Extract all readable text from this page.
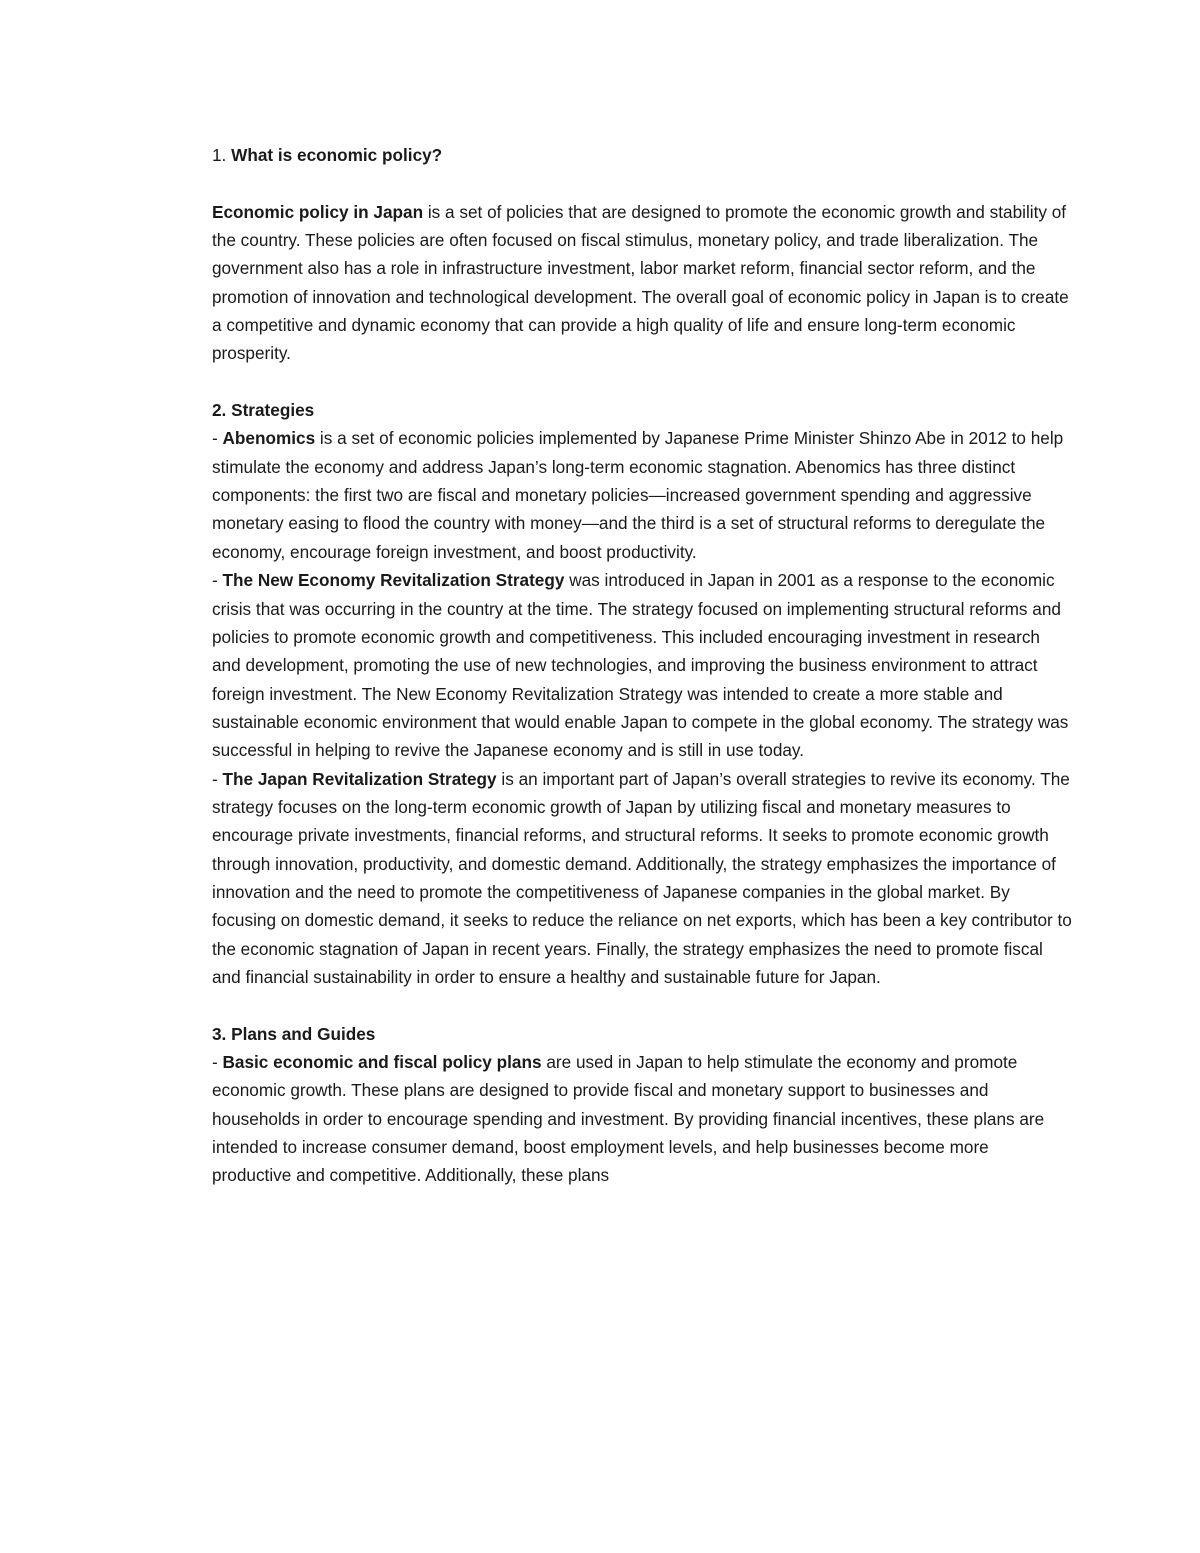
1. What is economic policy?

Economic policy in Japan is a set of policies that are designed to promote the economic growth and stability of the country. These policies are often focused on fiscal stimulus, monetary policy, and trade liberalization. The government also has a role in infrastructure investment, labor market reform, financial sector reform, and the promotion of innovation and technological development. The overall goal of economic policy in Japan is to create a competitive and dynamic economy that can provide a high quality of life and ensure long-term economic prosperity.

2. Strategies

- Abenomics is a set of economic policies implemented by Japanese Prime Minister Shinzo Abe in 2012 to help stimulate the economy and address Japan’s long-term economic stagnation. Abenomics has three distinct components: the first two are fiscal and monetary policies—increased government spending and aggressive monetary easing to flood the country with money—and the third is a set of structural reforms to deregulate the economy, encourage foreign investment, and boost productivity.

- The New Economy Revitalization Strategy was introduced in Japan in 2001 as a response to the economic crisis that was occurring in the country at the time. The strategy focused on implementing structural reforms and policies to promote economic growth and competitiveness. This included encouraging investment in research and development, promoting the use of new technologies, and improving the business environment to attract foreign investment. The New Economy Revitalization Strategy was intended to create a more stable and sustainable economic environment that would enable Japan to compete in the global economy. The strategy was successful in helping to revive the Japanese economy and is still in use today.

- The Japan Revitalization Strategy is an important part of Japan’s overall strategies to revive its economy. The strategy focuses on the long-term economic growth of Japan by utilizing fiscal and monetary measures to encourage private investments, financial reforms, and structural reforms. It seeks to promote economic growth through innovation, productivity, and domestic demand. Additionally, the strategy emphasizes the importance of innovation and the need to promote the competitiveness of Japanese companies in the global market. By focusing on domestic demand, it seeks to reduce the reliance on net exports, which has been a key contributor to the economic stagnation of Japan in recent years. Finally, the strategy emphasizes the need to promote fiscal and financial sustainability in order to ensure a healthy and sustainable future for Japan.

3. Plans and Guides

- Basic economic and fiscal policy plans are used in Japan to help stimulate the economy and promote economic growth. These plans are designed to provide fiscal and monetary support to businesses and households in order to encourage spending and investment. By providing financial incentives, these plans are intended to increase consumer demand, boost employment levels, and help businesses become more productive and competitive. Additionally, these plans
